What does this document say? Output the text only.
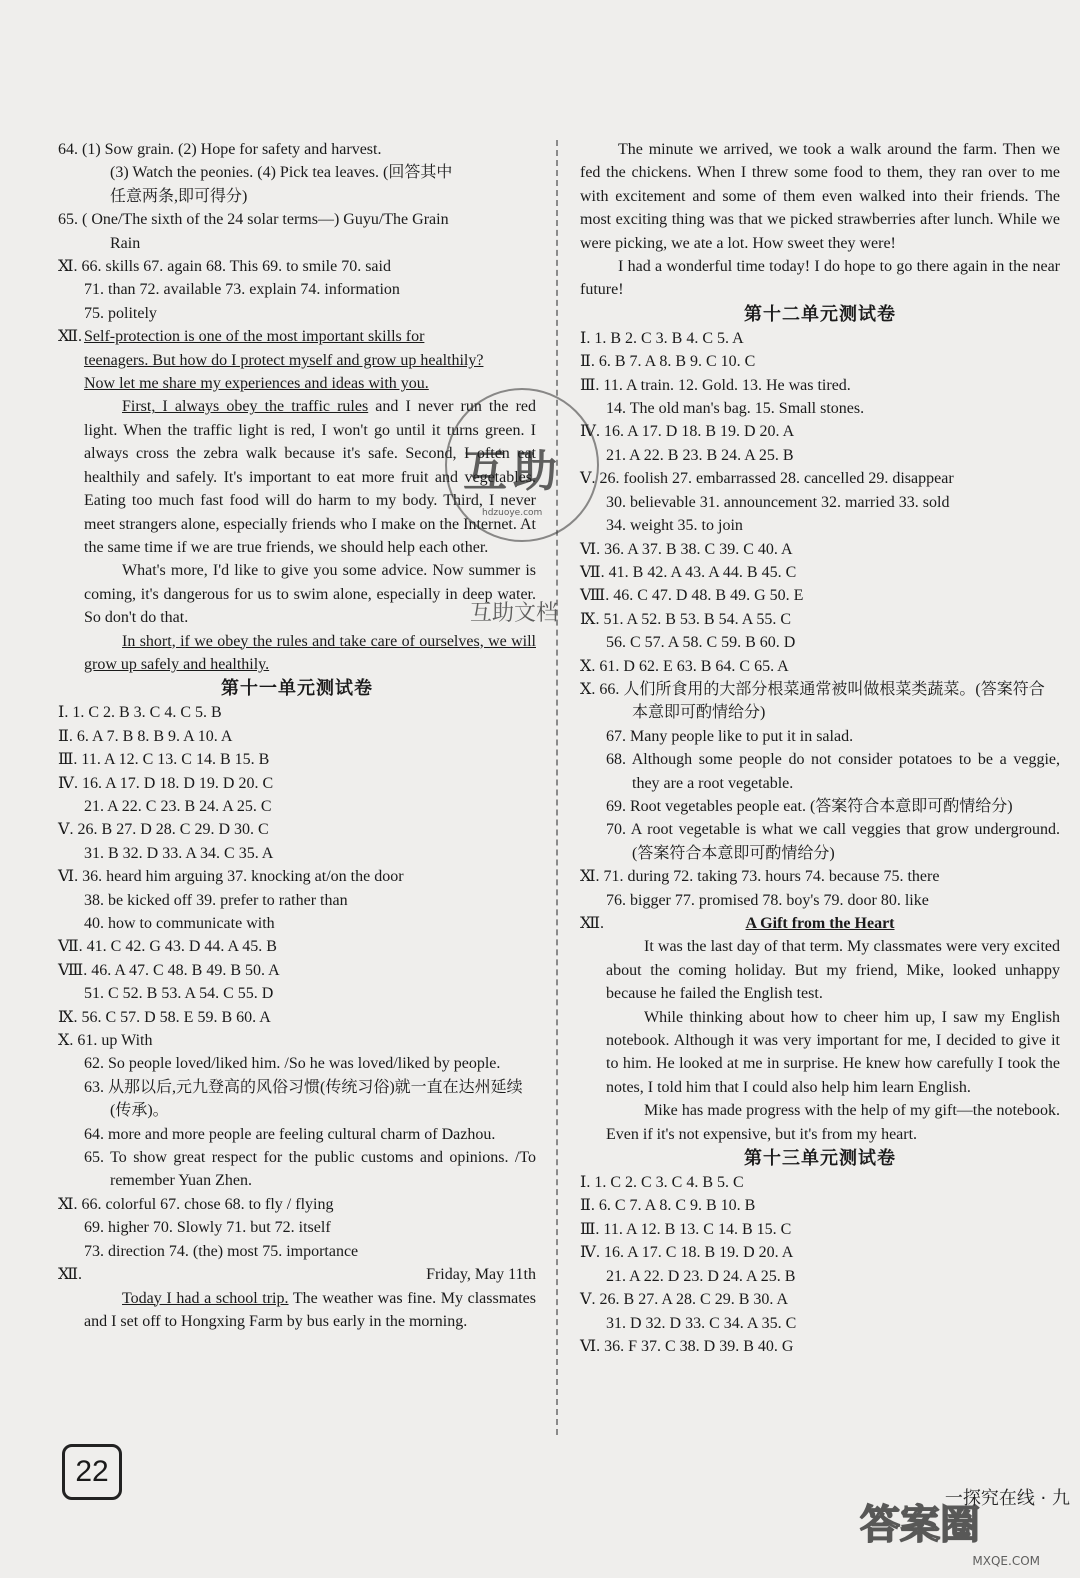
64. (1) Sow grain. (2) Hope for safety and harvest.
(3) Watch the peonies. (4) Pick tea leaves. (回答其中
任意两条,即可得分)
65. ( One/The sixth of the 24 solar terms—) Guyu/The Grain
Rain
Ⅺ. 66. skills 67. again 68. This 69. to smile 70. said
71. than 72. available 73. explain 74. information
75. politely
Ⅻ. Self-protection is one of the most important skills for
teenagers. But how do I protect myself and grow up healthily? Now let me share my experiences and ideas with you.
First, I always obey the traffic rules and I never run the red light. When the traffic light is red, I won't go until it turns green. I always cross the zebra walk because it's safe. Second, I often eat healthily and safely. It's important to eat more fruit and vegetables. Eating too much fast food will do harm to my body. Third, I never meet strangers alone, especially friends who I make on the Internet. At the same time if we are true friends, we should help each other.
What's more, I'd like to give you some advice. Now summer is coming, it's dangerous for us to swim alone, especially in deep water. So don't do that.
In short, if we obey the rules and take care of ourselves, we will grow up safely and healthily.
第十一单元测试卷
Ⅰ. 1. C 2. B 3. C 4. C 5. B
Ⅱ. 6. A 7. B 8. B 9. A 10. A
Ⅲ. 11. A 12. C 13. C 14. B 15. B
Ⅳ. 16. A 17. D 18. D 19. D 20. C
21. A 22. C 23. B 24. A 25. C
Ⅴ. 26. B 27. D 28. C 29. D 30. C
31. B 32. D 33. A 34. C 35. A
Ⅵ. 36. heard him arguing 37. knocking at/on the door
38. be kicked off 39. prefer to rather than
40. how to communicate with
Ⅶ. 41. C 42. G 43. D 44. A 45. B
Ⅷ. 46. A 47. C 48. B 49. B 50. A
51. C 52. B 53. A 54. C 55. D
Ⅸ. 56. C 57. D 58. E 59. B 60. A
Ⅹ. 61. up With
62. So people loved/liked him. /So he was loved/liked by people.
63. 从那以后,元九登高的风俗习惯(传统习俗)就一直在达州延续(传承)。
64. more and more people are feeling cultural charm of Dazhou.
65. To show great respect for the public customs and opinions. /To remember Yuan Zhen.
Ⅺ. 66. colorful 67. chose 68. to fly / flying
69. higher 70. Slowly 71. but 72. itself
73. direction 74. (the) most 75. importance
Ⅻ.	Friday, May 11th
Today I had a school trip. The weather was fine. My classmates and I set off to Hongxing Farm by bus early in the morning.
The minute we arrived, we took a walk around the farm. Then we fed the chickens. When I threw some food to them, they ran over to me with excitement and some of them even walked into their friends. The most exciting thing was that we picked strawberries after lunch. While we were picking, we ate a lot. How sweet they were!
I had a wonderful time today! I do hope to go there again in the near future!
第十二单元测试卷
Ⅰ. 1. B 2. C 3. B 4. C 5. A
Ⅱ. 6. B 7. A 8. B 9. C 10. C
Ⅲ. 11. A train. 12. Gold. 13. He was tired.
14. The old man's bag. 15. Small stones.
Ⅳ. 16. A 17. D 18. B 19. D 20. A
21. A 22. B 23. B 24. A 25. B
Ⅴ. 26. foolish 27. embarrassed 28. cancelled 29. disappear
30. believable 31. announcement 32. married 33. sold
34. weight 35. to join
Ⅵ. 36. A 37. B 38. C 39. C 40. A
Ⅶ. 41. B 42. A 43. A 44. B 45. C
Ⅷ. 46. C 47. D 48. B 49. G 50. E
Ⅸ. 51. A 52. B 53. B 54. A 55. C
56. C 57. A 58. C 59. B 60. D
Ⅹ. 61. D 62. E 63. B 64. C 65. A
Ⅹ. 66. 人们所食用的大部分根菜通常被叫做根菜类蔬菜。(答案符合本意即可酌情给分)
67. Many people like to put it in salad.
68. Although some people do not consider potatoes to be a veggie, they are a root vegetable.
69. Root vegetables people eat. (答案符合本意即可酌情给分)
70. A root vegetable is what we call veggies that grow underground. (答案符合本意即可酌情给分)
Ⅺ. 71. during 72. taking 73. hours 74. because 75. there
76. bigger 77. promised 78. boy's 79. door 80. like
Ⅻ.	A Gift from the Heart
It was the last day of that term. My classmates were very excited about the coming holiday. But my friend, Mike, looked unhappy because he failed the English test.
While thinking about how to cheer him up, I saw my English notebook. Although it was very important for me, I decided to give it to him. He looked at me in surprise. He knew how carefully I took the notes, I told him that I could also help him learn English.
Mike has made progress with the help of my gift—the notebook. Even if it's not expensive, but it's from my heart.
第十三单元测试卷
Ⅰ. 1. C 2. C 3. C 4. B 5. C
Ⅱ. 6. C 7. A 8. C 9. B 10. B
Ⅲ. 11. A 12. B 13. C 14. B 15. C
Ⅳ. 16. A 17. C 18. B 19. D 20. A
21. A 22. D 23. D 24. A 25. B
Ⅴ. 26. B 27. A 28. C 29. B 30. A
31. D 32. D 33. C 34. A 35. C
Ⅵ. 36. F 37. C 38. D 39. B 40. G
互助
hdzuoye.com
互助文档
22
一探究在线 · 九
答案圈
MXQE.COM
